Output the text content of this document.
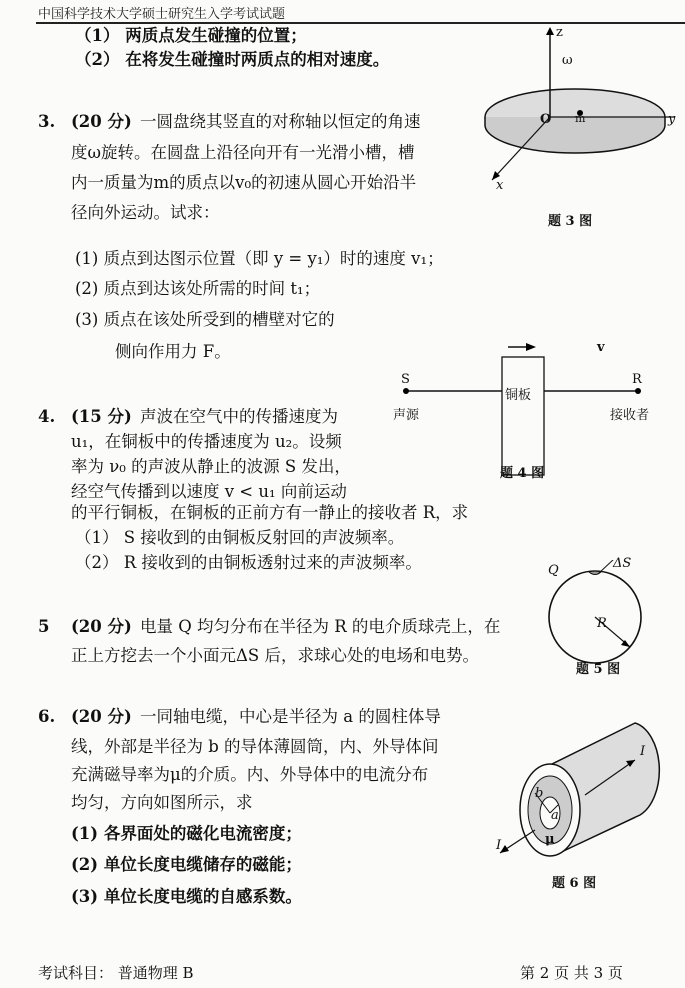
中国科学技术大学硕士研究生入学考试试题
（1） 两质点发生碰撞的位置；
（2） 在将发生碰撞时两质点的相对速度。
3. (20 分) 一圆盘绕其竖直的对称轴以恒定的角速
度ω旋转。在圆盘上沿径向开有一光滑小槽，槽
内一质量为m的质点以v₀的初速从圆心开始沿半
径向外运动。试求：
(1) 质点到达图示位置（即 y = y₁）时的速度 v₁；
(2) 质点到达该处所需的时间 t₁；
(3) 质点在该处所受到的槽壁对它的
侧向作用力 F。
z
ω
O m	y
x
题 3 图
v
S
声源
铜板
R
接收者
题 4 图
4. (15 分) 声波在空气中的传播速度为
u₁，在铜板中的传播速度为 u₂。设频
率为 ν₀ 的声波从静止的波源 S 发出，
经空气传播到以速度 v < u₁ 向前运动
的平行铜板，在铜板的正前方有一静止的接收者 R，求
（1） S 接收到的由铜板反射回的声波频率。
（2） R 接收到的由铜板透射过来的声波频率。	ΔS
Q
R
题 5 图
5 (20 分) 电量 Q 均匀分布在半径为 R 的电介质球壳上，在
正上方挖去一个小面元ΔS 后，求球心处的电场和电势。
6. (20 分) 一同轴电缆，中心是半径为 a 的圆柱体导
线，外部是半径为 b 的导体薄圆筒，内、外导体间
充满磁导率为μ的介质。内、外导体中的电流分布
均匀，方向如图所示，求
(1) 各界面处的磁化电流密度；
(2) 单位长度电缆储存的磁能；
(3) 单位长度电缆的自感系数。
I
I
b
a
μ
题 6 图
考试科目： 普通物理 B	第 2 页 共 3 页
